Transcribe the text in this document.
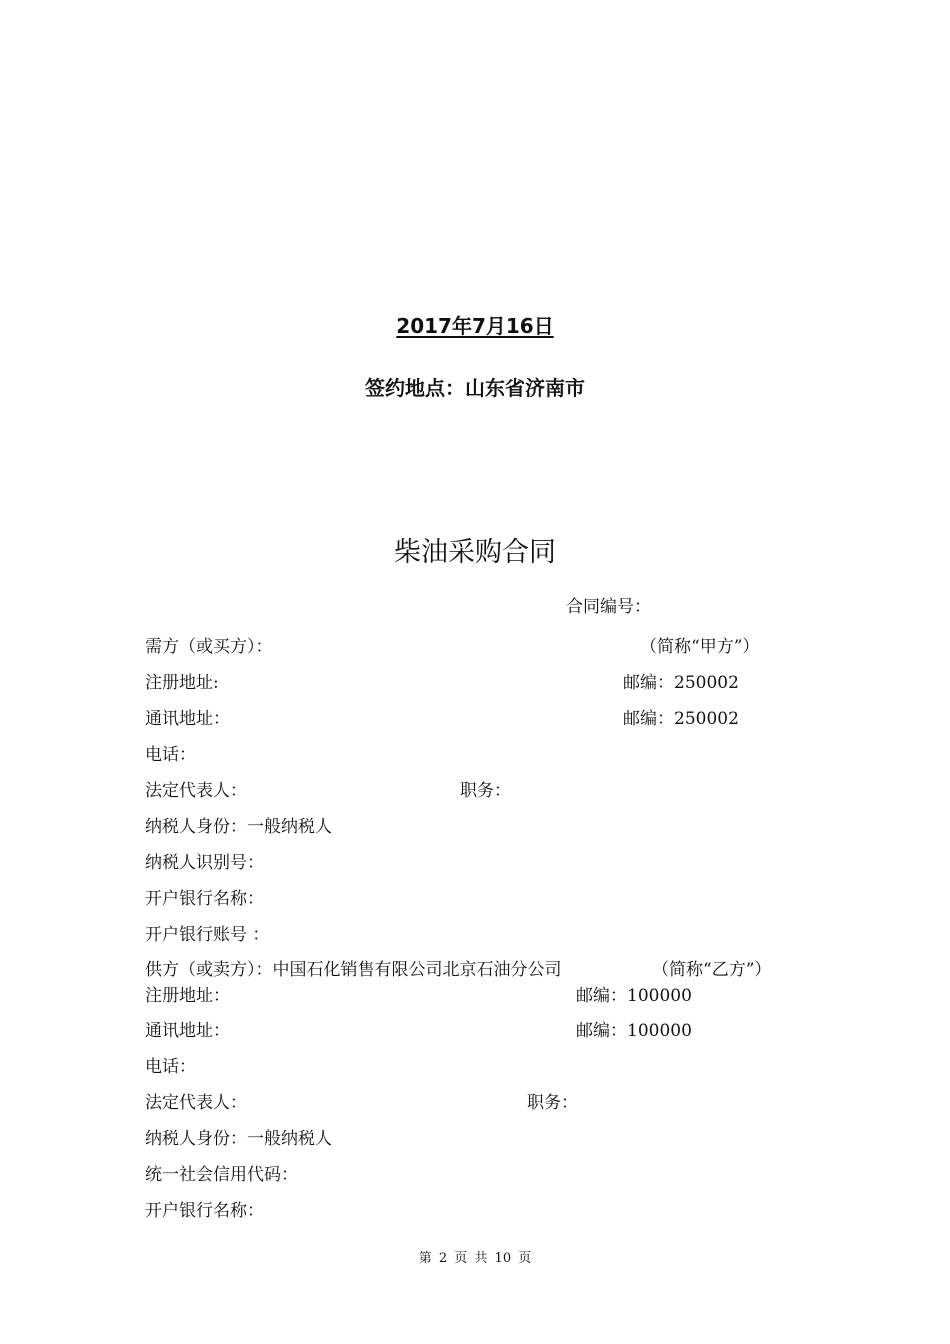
2017年7月16日
签约地点：山东省济南市
柴油采购合同
合同编号：
需方（或买方）：	（简称“甲方”）
注册地址:	邮编：250002
通讯地址：	邮编：250002
电话：
法定代表人：	职务：
纳税人身份：一般纳税人
纳税人识别号：
开户银行名称：
开户银行账号 ：
供方（或卖方）：中国石化销售有限公司北京石油分公司	（简称“乙方”）
注册地址：	邮编：100000
通讯地址：	邮编：100000
电话：
法定代表人：	职务：
纳税人身份：一般纳税人
统一社会信用代码：
开户银行名称：
第 2 页 共 10 页
